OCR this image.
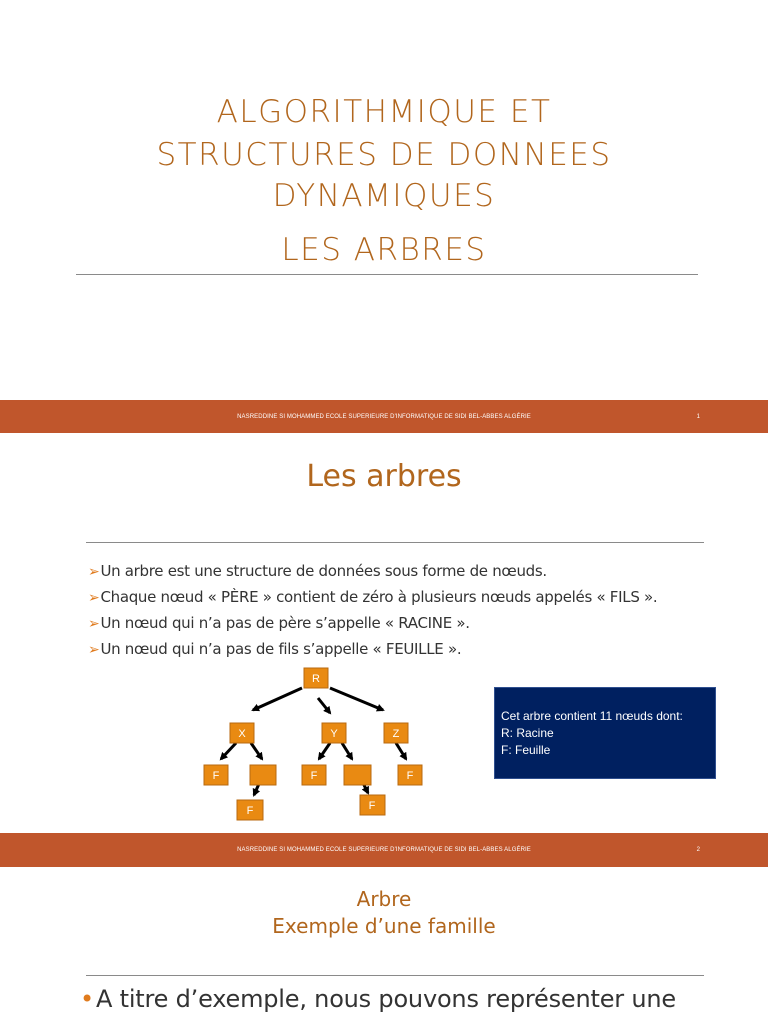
ALGORITHMIQUE ET
STRUCTURES DE DONNEES
DYNAMIQUES
LES ARBRES
NASREDDINE SI MOHAMMED ECOLE SUPERIEURE D'INFORMATIQUE DE SIDI BEL-ABBES ALGÉRIE	1
Les arbres
➢Un arbre est une structure de données sous forme de nœuds.
➢Chaque nœud « PÈRE » contient de zéro à plusieurs nœuds appelés « FILS ».
➢Un nœud qui n’a pas de père s’appelle « RACINE ».
➢Un nœud qui n’a pas de fils s’appelle « FEUILLE ».
R
X	Y	Z
F	F	F
F	F
Cet arbre contient 11 nœuds dont:
R: Racine
F: Feuille
NASREDDINE SI MOHAMMED ECOLE SUPERIEURE D'INFORMATIQUE DE SIDI BEL-ABBES ALGÉRIE	2
Arbre
Exemple d’une famille
•A titre d’exemple, nous pouvons représenter une
